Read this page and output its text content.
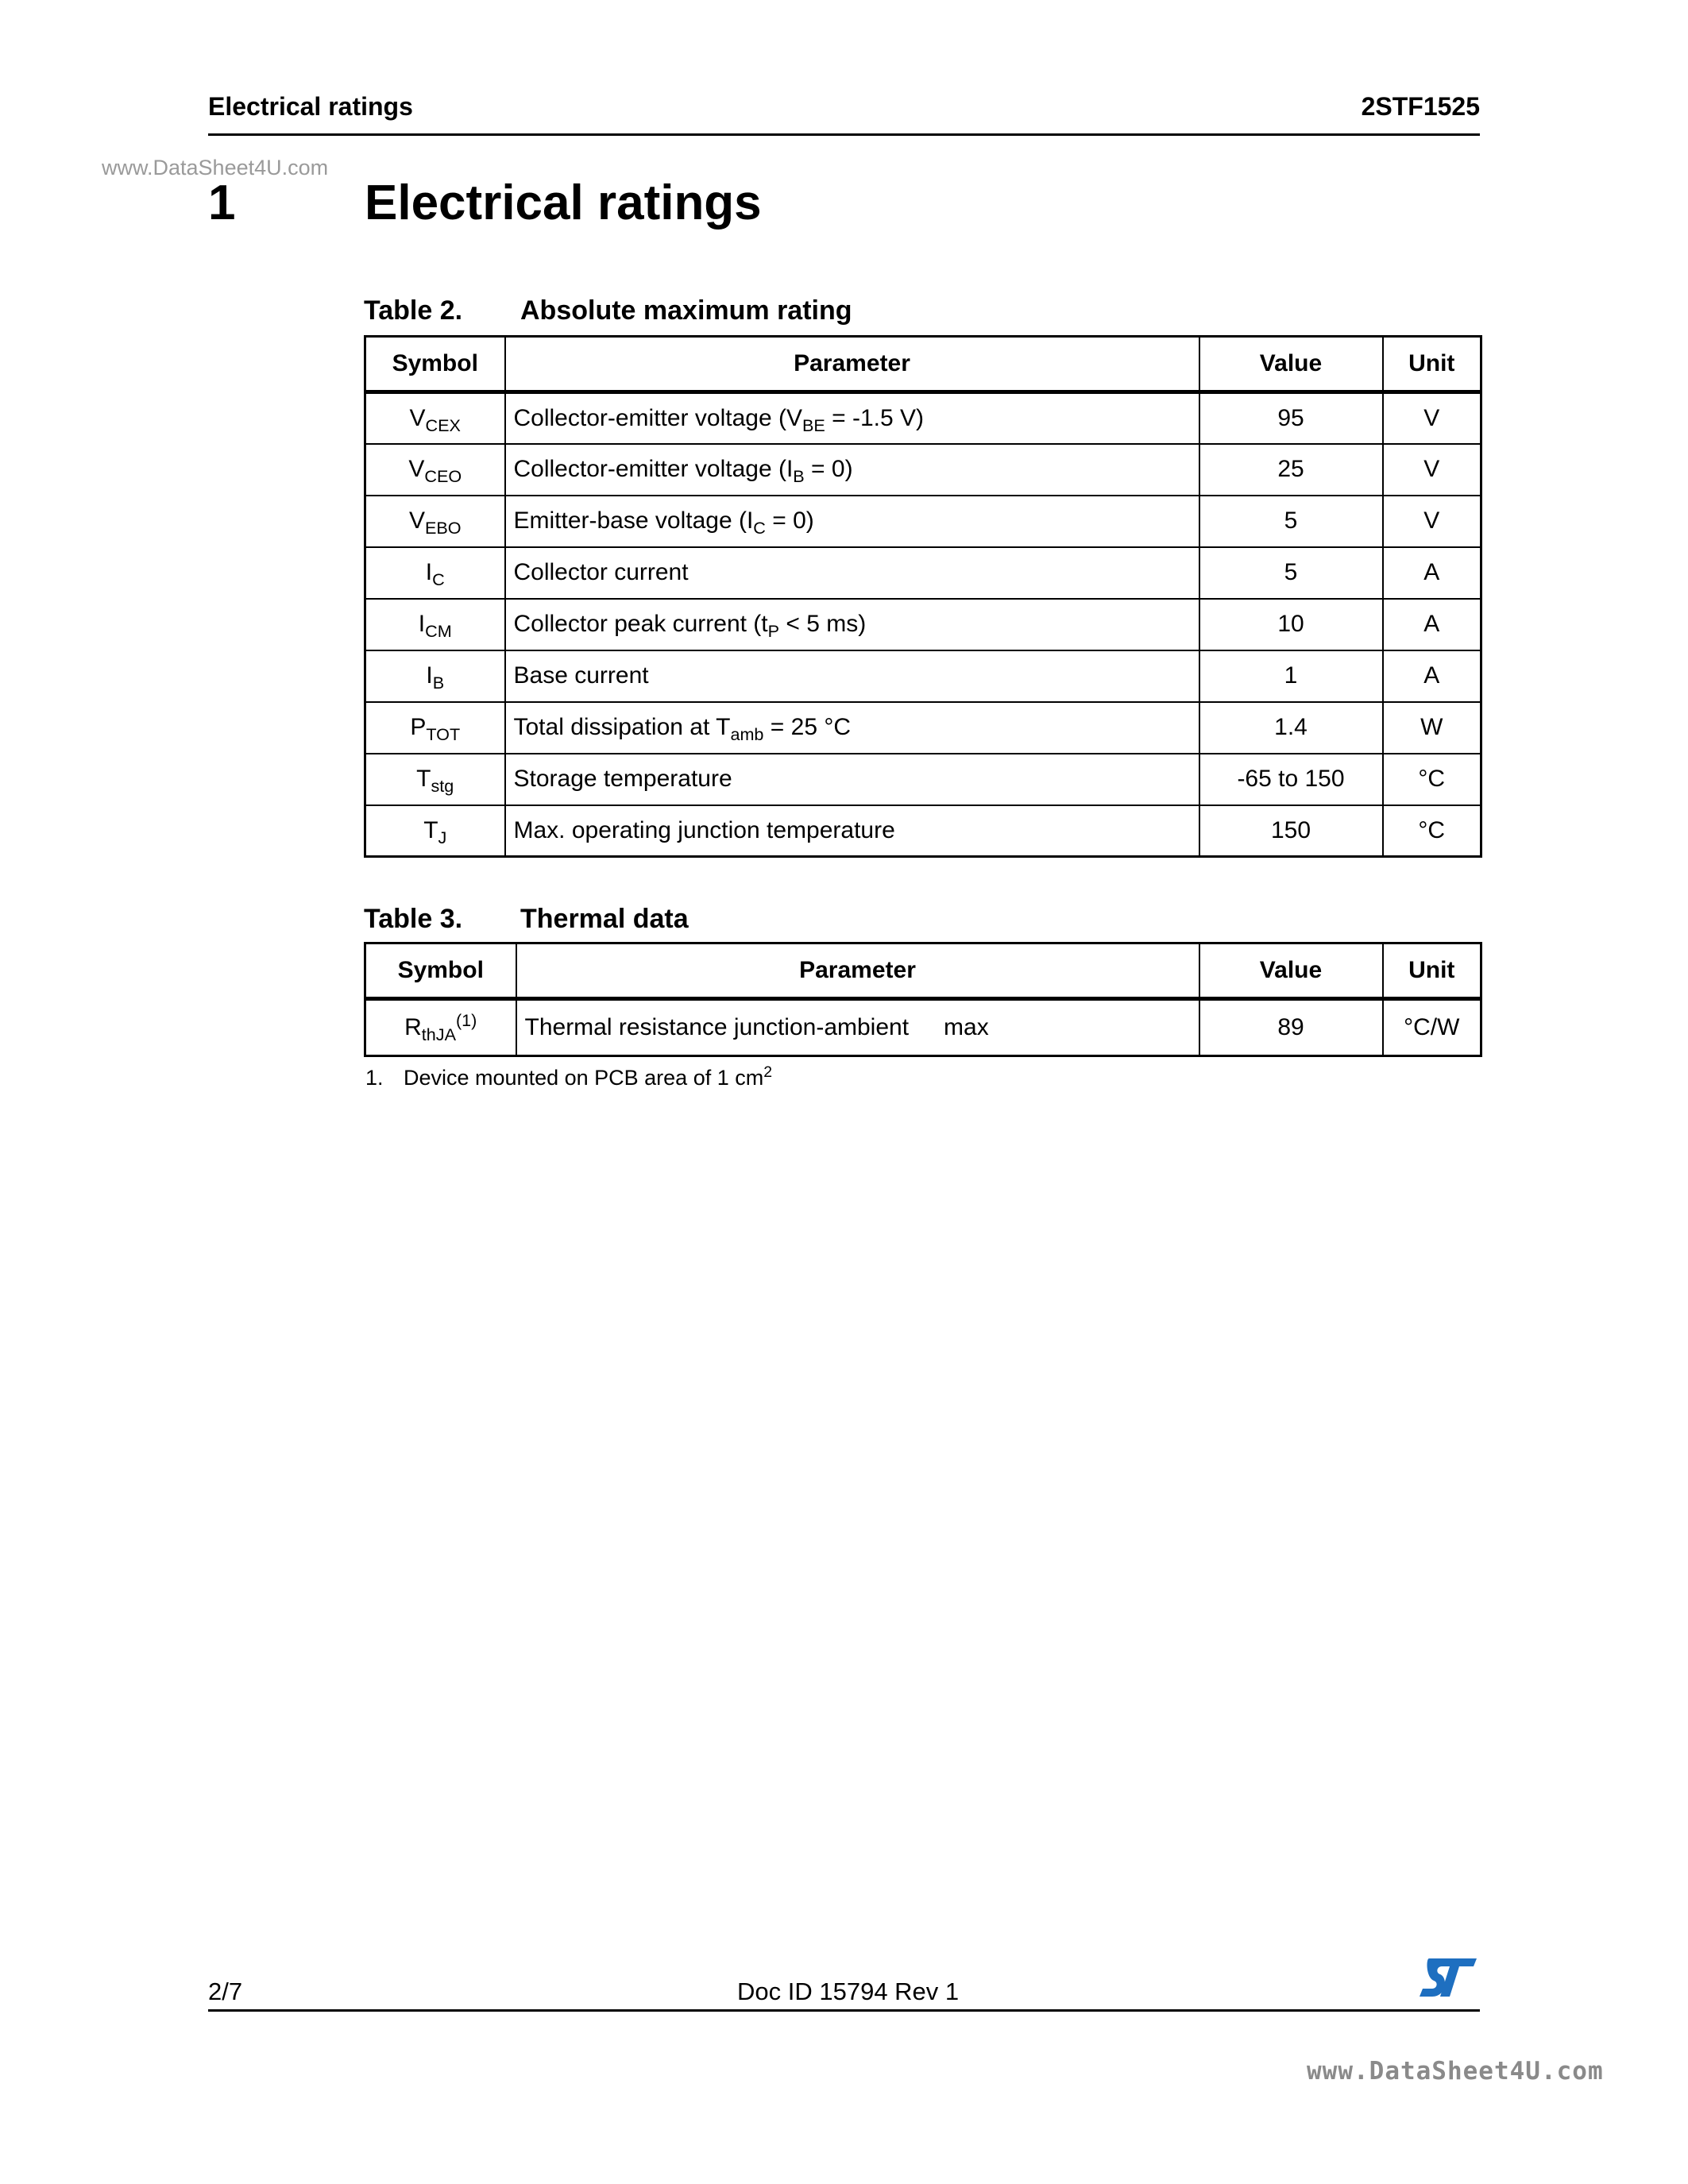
Electrical ratings	2STF1525
www.DataSheet4U.com
1	Electrical ratings
Table 2. Absolute maximum rating
Symbol	Parameter	Value	Unit
$V_{CEX}$	Collector-emitter voltage ($V_{BE} = -1.5$ V)	95	V
$V_{CEO}$	Collector-emitter voltage $(I_B = 0)$	25	V
$V_{EBO}$	Emitter-base voltage $(I_C = 0)$	5	V
$I_C$	Collector current	5	A
$I_{CM}$	Collector peak current ($t_P < 5$ ms)	10	A
$I_B$	Base current	1	A
$P_{TOT}$	Total dissipation at $T_{amb} = 25$ °C	1.4	W
$T_{stg}$	Storage temperature	-65 to 150	°C
$T_J$	Max. operating junction temperature	150	°C
Table 3. Thermal data
Symbol	Parameter	Value	Unit
$R_{thJA}^{(1)}$	Thermal resistance junction-ambient max	89	°C/W
1. Device mounted on PCB area of 1 $cm^2$
2/7	Doc ID 15794 Rev 1
www.DataSheet4U.com
